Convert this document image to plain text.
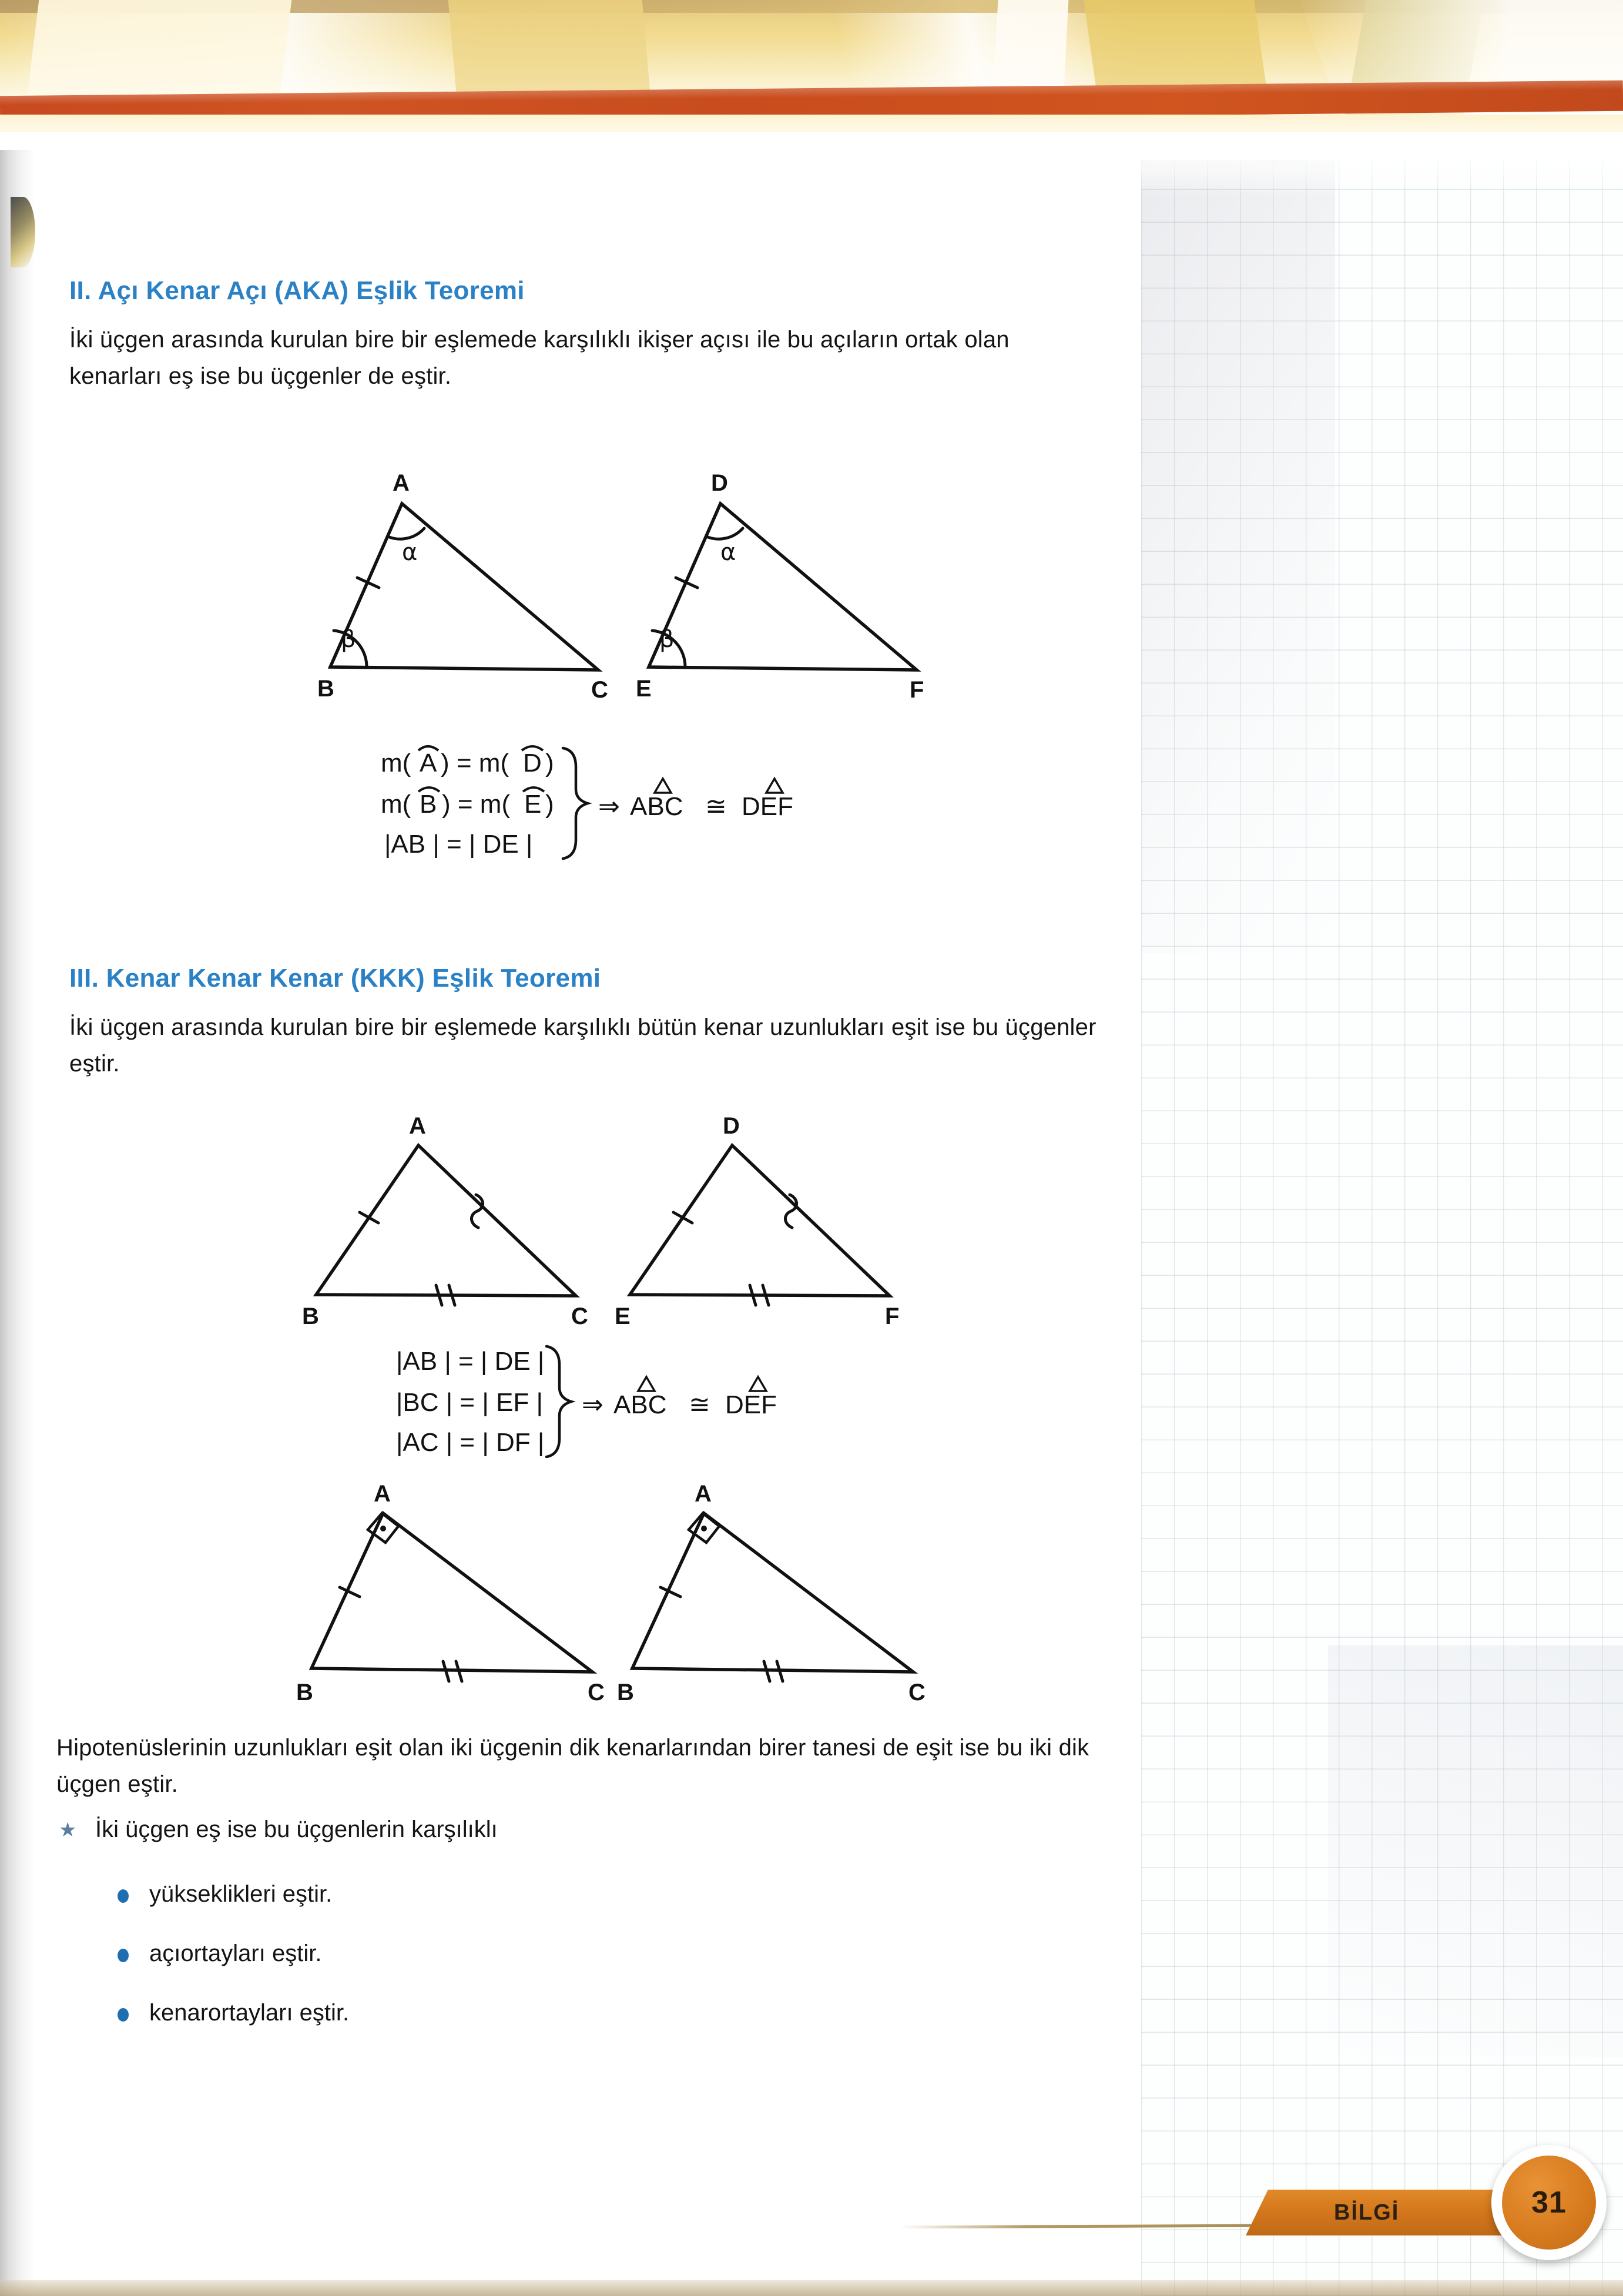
II. Açı Kenar Açı (AKA) Eşlik Teoremi

İki üçgen arasında kurulan bire bir eşlemede karşılıklı ikişer açısı ile bu açıların ortak olan kenarları eş ise bu üçgenler de eştir.

A
B	C
D
E	F
α
β
α
β
m( A ) = m( D )
m( B ) = m( E )
|AB | = | DE |
⇒ ABC ≅ DEF
III. Kenar Kenar Kenar (KKK) Eşlik Teoremi

İki üçgen arasında kurulan bire bir eşlemede karşılıklı bütün kenar uzunlukları eşit ise bu üçgenler eştir.

A
B	C
D
E	F
|AB | = | DE |
|BC | = | EF |
|AC | = | DF |
⇒ ABC ≅ DEF
A
B	C
A
B	C

Hipotenüslerinin uzunlukları eşit olan iki üçgenin dik kenarlarından birer tanesi de eşit ise bu iki dik üçgen eştir.

★ İki üçgen eş ise bu üçgenlerin karşılıklı
yükseklikleri eştir.
açıortayları eştir.
kenarortayları eştir.
BİLGİ	31
